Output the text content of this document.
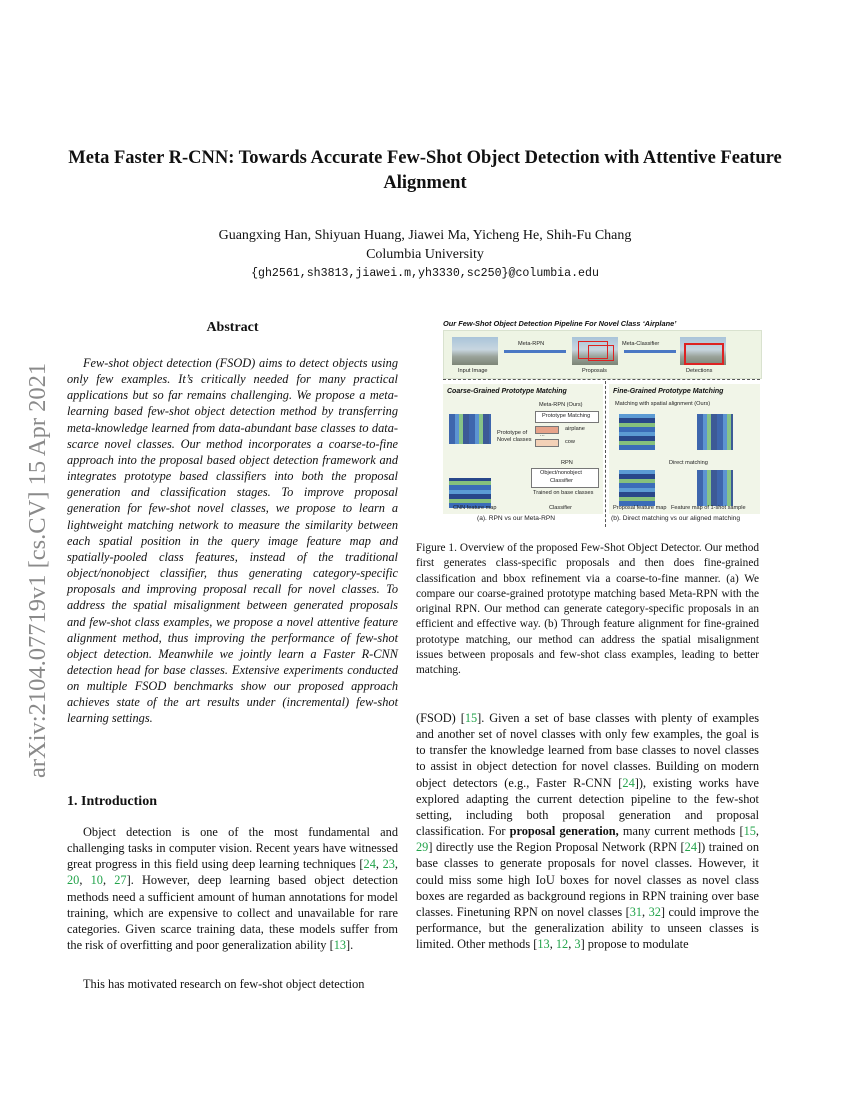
arXiv:2104.07719v1 [cs.CV] 15 Apr 2021
Meta Faster R-CNN: Towards Accurate Few-Shot Object Detection with Attentive Feature Alignment
Guangxing Han, Shiyuan Huang, Jiawei Ma, Yicheng He, Shih-Fu Chang
Columbia University
{gh2561,sh3813,jiawei.m,yh3330,sc250}@columbia.edu
Abstract

Few-shot object detection (FSOD) aims to detect objects using only few examples. It’s critically needed for many practical applications but so far remains challenging. We propose a meta-learning based few-shot object detection method by transferring meta-knowledge learned from data-abundant base classes to data-scarce novel classes. Our method incorporates a coarse-to-fine approach into the proposal based object detection framework and integrates prototype based classifiers into both the proposal generation and classification stages. To improve proposal generation for few-shot novel classes, we propose to learn a lightweight matching network to measure the similarity between each spatial position in the query image feature map and spatially-pooled class features, instead of the traditional object/nonobject classifier, thus generating category-specific proposals and improving proposal recall for novel classes. To address the spatial misalignment between generated proposals and few-shot class examples, we propose a novel attentive feature alignment method, thus improving the performance of few-shot object detection. Meanwhile we jointly learn a Faster R-CNN detection head for base classes. Extensive experiments conducted on multiple FSOD benchmarks show our proposed approach achieves state of the art results under (incremental) few-shot learning settings.

1. Introduction

Object detection is one of the most fundamental and challenging tasks in computer vision. Recent years have witnessed great progress in this field using deep learning techniques [24, 23, 20, 10, 27]. However, deep learning based object detection methods need a sufficient amount of human annotations for model training, which are expensive to collect and unavailable for rare categories. Given scarce training data, these models suffer from the risk of overfitting and poor generalization ability [13].

This has motivated research on few-shot object detection

Our Few-Shot Object Detection Pipeline For Novel Class ‘Airplane’
Meta-RPN	Meta-Classifier
Input Image	Proposals	Detections
Coarse-Grained Prototype Matching
Meta-RPN (Ours)
Prototype Matching
Prototype of
Novel classes
...
airplane
cow
RPN
Object/nonobject
Classifier
Trained on base classes
Fine-Grained Prototype Matching
Matching with spatial alignment (Ours)
Direct matching
CNN feature map	Classifier	Proposal feature map Feature map of 1-shot sample
(a). RPN vs our Meta-RPN	(b). Direct matching vs our aligned matching

Figure 1. Overview of the proposed Few-Shot Object Detector. Our method first generates class-specific proposals and then does fine-grained classification and bbox refinement via a coarse-to-fine manner. (a) We compare our coarse-grained prototype matching based Meta-RPN with the original RPN. Our method can generate category-specific proposals in an efficient and effective way. (b) Through feature alignment for fine-grained prototype matching, our method can address the spatial misalignment issues between proposals and few-shot class examples, leading to better matching.

(FSOD) [15]. Given a set of base classes with plenty of examples and another set of novel classes with only few examples, the goal is to transfer the knowledge learned from base classes to novel classes to assist in object detection for novel classes. Building on modern object detectors (e.g., Faster R-CNN [24]), existing works have explored adapting the current detection pipeline to the few-shot setting, including both proposal generation and proposal classification. For proposal generation, many current methods [15, 29] directly use the Region Proposal Network (RPN [24]) trained on base classes to generate proposals for novel classes. However, it could miss some high IoU boxes for novel classes as novel class boxes are regarded as background regions in RPN training over base classes. Finetuning RPN on novel classes [31, 32] could improve the performance, but the generalization ability to unseen classes is limited. Other methods [13, 12, 3] propose to modulate
